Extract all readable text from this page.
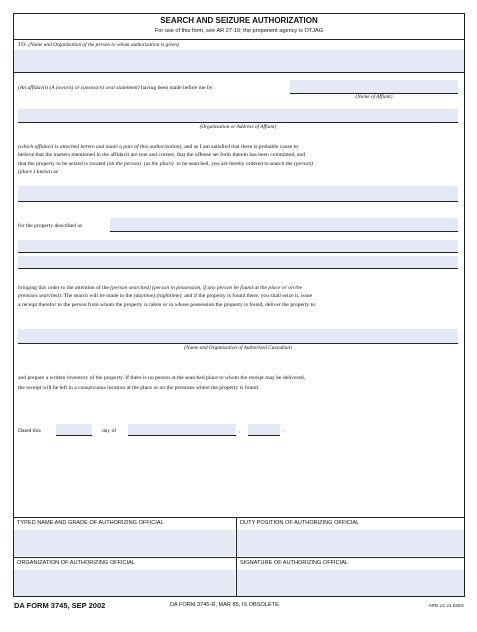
SEARCH AND SEIZURE AUTHORIZATION
For use of this form, see AR 27-10; the proponent agency is OTJAG
TO: (Name and Organization of the person to whom authorization is given)
(An affidavit) (A (sworn) or (unsworn) oral statement) having been made before me by
(Name of Affiant)
(Organization or Address of Affiant)
(which affidavit is attached hereto and made a part of this authorization), and as I am satisfied that there is probable cause to
believe that the matters mentioned in the affidavit are true and correct, that the offense set forth therein has been committed, and
that the property to be seized is located (on the person) (at the place) to be searched, you are hereby ordered to search the (person)
(place ) known as
for the property described as
bringing this order to the attention of the (person searched) (person in possession, if any person be found at the place or on the
premises searched). The search will be made in the (daytime) (nighttime), and if the property is found there, you shall seize it, issue
a receipt therefor to the person from whom the property is taken or in whose possession the property is found, deliver the property to:
(Name and Organization of Authorized Custodian)
and prepare a written inventory of the property. If there is no person at the searched place to whom the receipt may be delivered,
the receipt will be left in a conspicuous location at the place or on the premises where the property is found.
Dated this	day of	,	.
TYPED NAME AND GRADE OF AUTHORIZING OFFICIAL	DUTY POSITION OF AUTHORIZING OFFICIAL
ORGANIZATION OF AUTHORIZING OFFICIAL	SIGNATURE OF AUTHORIZING OFFICIAL
DA FORM 3745, SEP 2002	DA FORM 3745-R, MAR 85, IS OBSOLETE	APD LC v1.02ES
